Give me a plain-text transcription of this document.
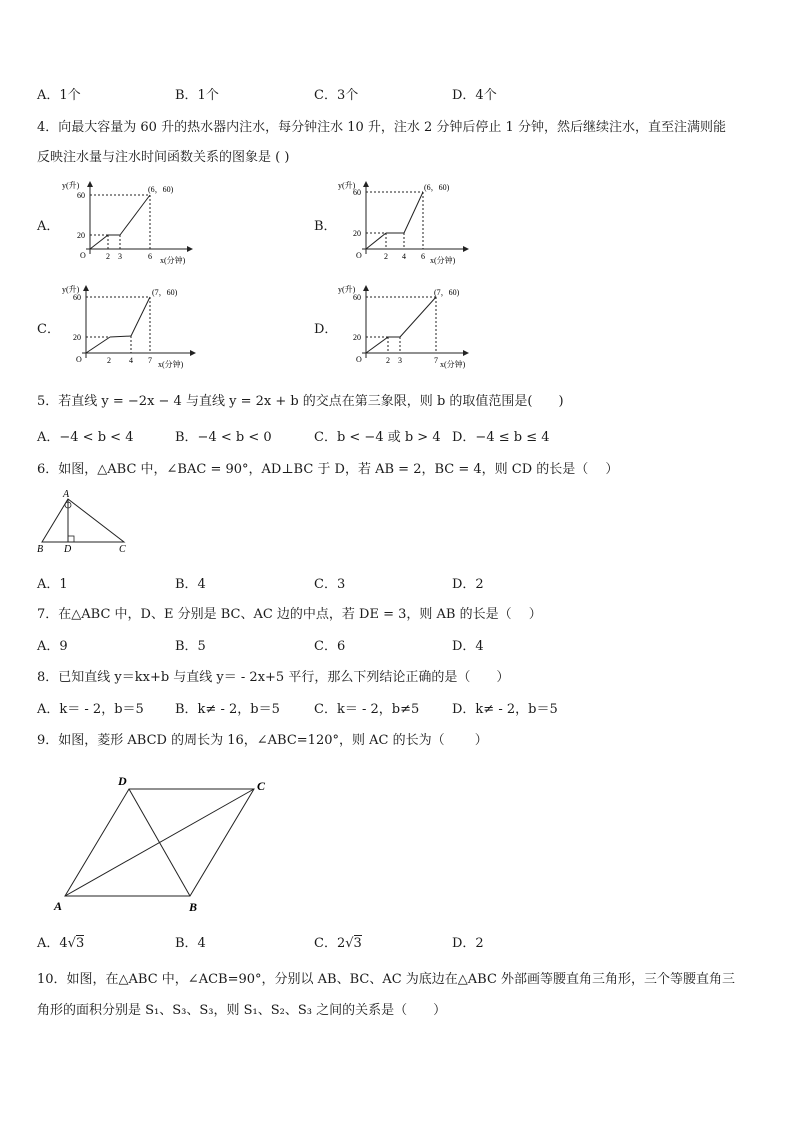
A．1个	B．1个	C．3个	D．4个
4．向最大容量为 60 升的热水器内注水，每分钟注水 10 升，注水 2 分钟后停止 1 分钟，然后继续注水，直至注满则能
反映注水量与注水时间函数关系的图象是 ( )
A．	B．
C．	D．
y(升)
x(分钟)
O
20
60
2 3	6
(6，60)	y(升)
x(分钟)
O
20
60
2 4 6
(6，60)
y(升)
x(分钟)
O
20
60
2 4 7
(7，60)	y(升)
x(分钟)
O
20
60
2 3	7
(7，60)
5．若直线 y = −2x − 4 与直线 y = 2x + b 的交点在第三象限，则 b 的取值范围是(　　)
A．−4 < b < 4	B．−4 < b < 0	C．b < −4 或 b > 4 D．−4 ≤ b ≤ 4
6．如图，△ABC 中，∠BAC = 90°，AD⊥BC 于 D，若 AB = 2，BC = 4，则 CD 的长是（　 ）
A
B D	C
A．1	B．4	C．3	D．2
7．在△ABC 中，D、E 分别是 BC、AC 边的中点，若 DE = 3，则 AB 的长是（　 ）
A．9	B．5	C．6	D．4
8．已知直线 y＝kx+b 与直线 y＝ - 2x+5 平行，那么下列结论正确的是（　　）
A．k＝ - 2，b＝5 B．k≠ - 2，b＝5	C．k＝ - 2，b≠5	D．k≠ - 2，b＝5
9．如图，菱形 ABCD 的周长为 16，∠ABC=120°，则 AC 的长为（　　 ）
A	B
C
D
A．4√3	B．4	C．2√3	D．2
10．如图，在△ABC 中，∠ACB=90°，分别以 AB、BC、AC 为底边在△ABC 外部画等腰直角三角形，三个等腰直角三
角形的面积分别是 S₁、S₃、S₃，则 S₁、S₂、S₃ 之间的关系是（　　）
